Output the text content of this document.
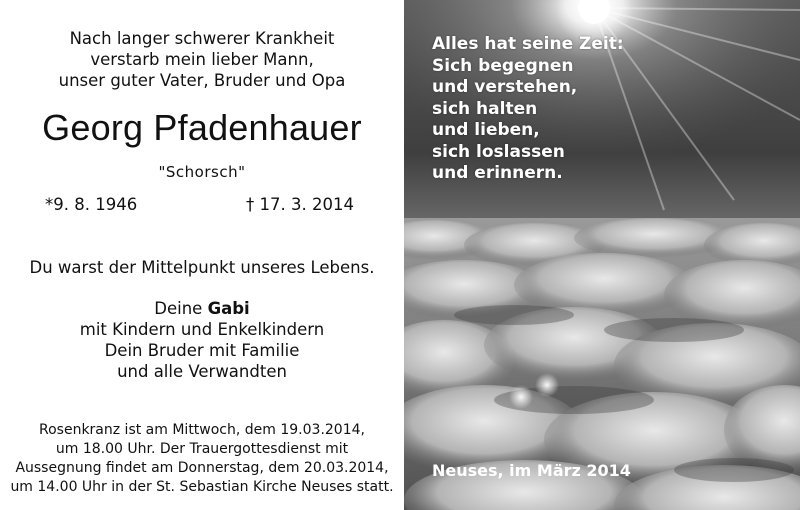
Nach langer schwerer Krankheit
verstarb mein lieber Mann,
unser guter Vater, Bruder und Opa
Georg Pfadenhauer
"Schorsch"
*9. 8. 1946	† 17. 3. 2014
Du warst der Mittelpunkt unseres Lebens.
Deine Gabi
mit Kindern und Enkelkindern
Dein Bruder mit Familie
und alle Verwandten
Rosenkranz ist am Mittwoch, dem 19.03.2014,
um 18.00 Uhr. Der Trauergottesdienst mit
Aussegnung findet am Donnerstag, dem 20.03.2014,
um 14.00 Uhr in der St. Sebastian Kirche Neuses statt.
Alles hat seine Zeit:
Sich begegnen
und verstehen,
sich halten
und lieben,
sich loslassen
und erinnern.
Neuses, im März 2014
